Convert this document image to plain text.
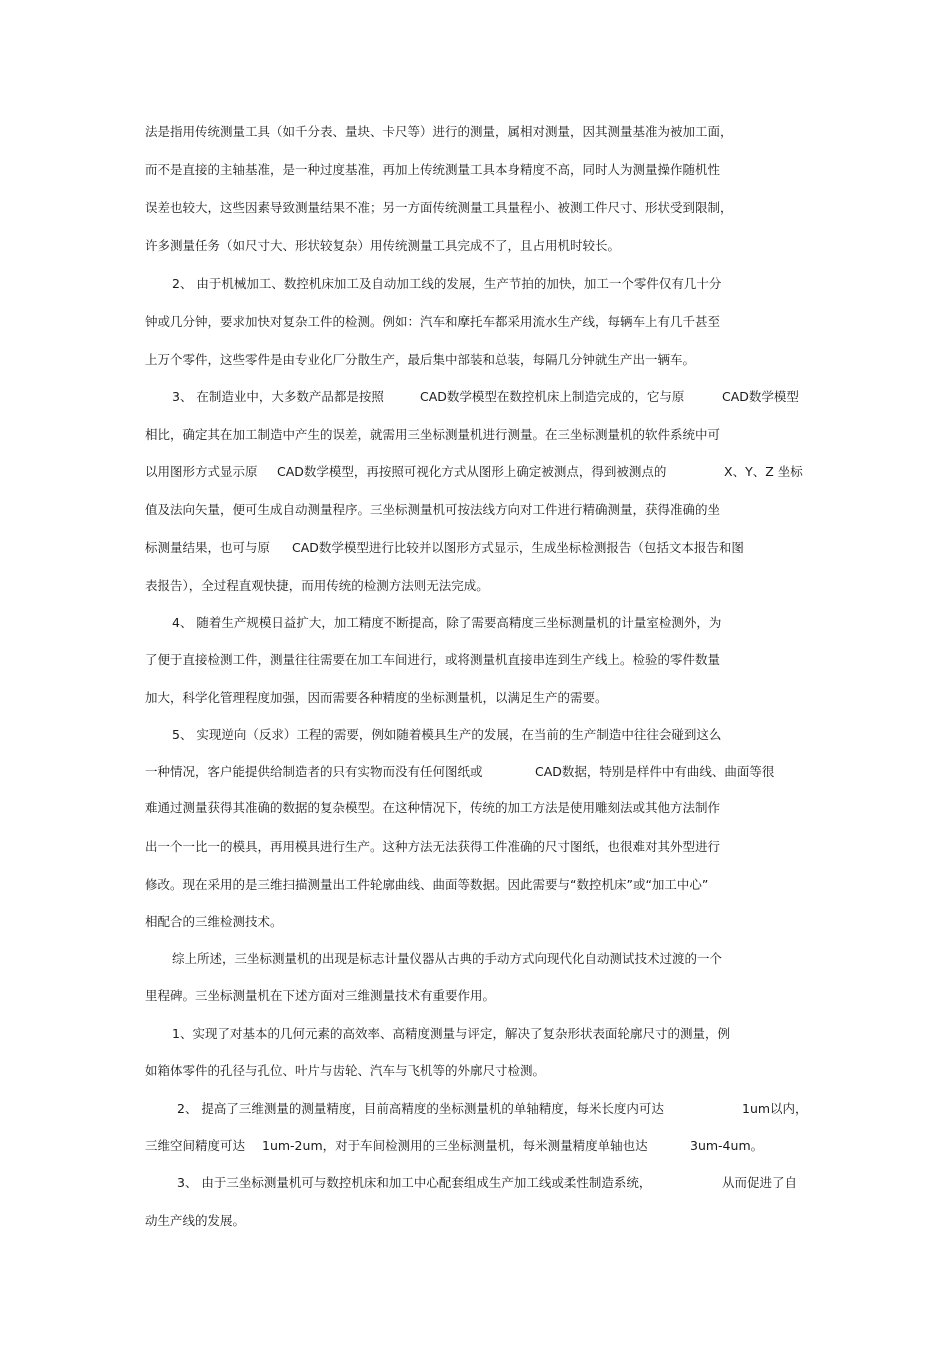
法是指用传统测量工具（如千分表、量块、卡尺等）进行的测量，属相对测量，因其测量基准为被加工面，
而不是直接的主轴基准，是一种过度基准，再加上传统测量工具本身精度不高，同时人为测量操作随机性
误差也较大，这些因素导致测量结果不准；另一方面传统测量工具量程小、被测工件尺寸、形状受到限制，
许多测量任务（如尺寸大、形状较复杂）用传统测量工具完成不了，且占用机时较长。
2、 由于机械加工、数控机床加工及自动加工线的发展，生产节拍的加快，加工一个零件仅有几十分
钟或几分钟，要求加快对复杂工件的检测。例如：汽车和摩托车都采用流水生产线，每辆车上有几千甚至
上万个零件，这些零件是由专业化厂分散生产，最后集中部装和总装，每隔几分钟就生产出一辆车。
3、 在制造业中，大多数产品都是按照	CAD数学模型在数控机床上制造完成的，它与原	CAD数学模型
相比，确定其在加工制造中产生的误差，就需用三坐标测量机进行测量。在三坐标测量机的软件系统中可
以用图形方式显示原 CAD数学模型，再按照可视化方式从图形上确定被测点，得到被测点的	X、Y、Z 坐标
值及法向矢量，便可生成自动测量程序。三坐标测量机可按法线方向对工件进行精确测量，获得准确的坐
标测量结果，也可与原 CAD数学模型进行比较并以图形方式显示，生成坐标检测报告（包括文本报告和图
表报告），全过程直观快捷，而用传统的检测方法则无法完成。
4、 随着生产规模日益扩大，加工精度不断提高，除了需要高精度三坐标测量机的计量室检测外，为
了便于直接检测工件，测量往往需要在加工车间进行，或将测量机直接串连到生产线上。检验的零件数量
加大，科学化管理程度加强，因而需要各种精度的坐标测量机，以满足生产的需要。
5、 实现逆向（反求）工程的需要，例如随着模具生产的发展，在当前的生产制造中往往会碰到这么
一种情况，客户能提供给制造者的只有实物而没有任何图纸或	CAD数据，特别是样件中有曲线、曲面等很
难通过测量获得其准确的数据的复杂模型。在这种情况下，传统的加工方法是使用雕刻法或其他方法制作
出一个一比一的模具，再用模具进行生产。这种方法无法获得工件准确的尺寸图纸，也很难对其外型进行
修改。现在采用的是三维扫描测量出工件轮廓曲线、曲面等数据。因此需要与“数控机床”或“加工中心”
相配合的三维检测技术。
综上所述，三坐标测量机的出现是标志计量仪器从古典的手动方式向现代化自动测试技术过渡的一个
里程碑。三坐标测量机在下述方面对三维测量技术有重要作用。
1、实现了对基本的几何元素的高效率、高精度测量与评定，解决了复杂形状表面轮廓尺寸的测量，例
如箱体零件的孔径与孔位、叶片与齿轮、汽车与飞机等的外廓尺寸检测。
2、 提高了三维测量的测量精度，目前高精度的坐标测量机的单轴精度，每米长度内可达	1um以内，
三维空间精度可达 1um-2um，对于车间检测用的三坐标测量机，每米测量精度单轴也达	3um-4um。
3、 由于三坐标测量机可与数控机床和加工中心配套组成生产加工线或柔性制造系统，	从而促进了自
动生产线的发展。
